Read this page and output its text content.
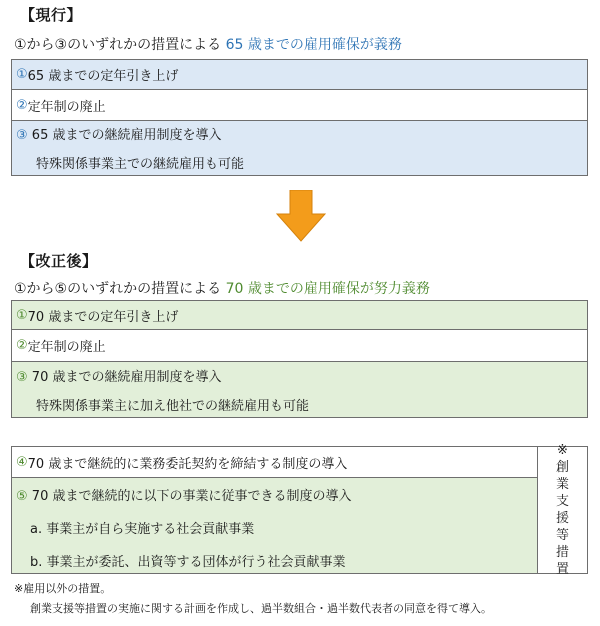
【現行】
①から③のいずれかの措置による 65 歳までの雇用確保が義務
① 65 歳までの定年引き上げ
② 定年制の廃止
③ 65 歳までの継続雇用制度を導入
特殊関係事業主での継続雇用も可能
【改正後】
①から⑤のいずれかの措置による 70 歳までの雇用確保が努力義務
① 70 歳までの定年引き上げ
② 定年制の廃止
③ 70 歳までの継続雇用制度を導入
特殊関係事業主に加え他社での継続雇用も可能
④ 70 歳まで継続的に業務委託契約を締結する制度の導入
⑤ 70 歳まで継続的に以下の事業に従事できる制度の導入
a. 事業主が自ら実施する社会貢献事業
b. 事業主が委託、出資等する団体が行う社会貢献事業
※
創
業
支
援
等
措
置
※雇用以外の措置。
創業支援等措置の実施に関する計画を作成し、過半数組合・過半数代表者の同意を得て導入。
